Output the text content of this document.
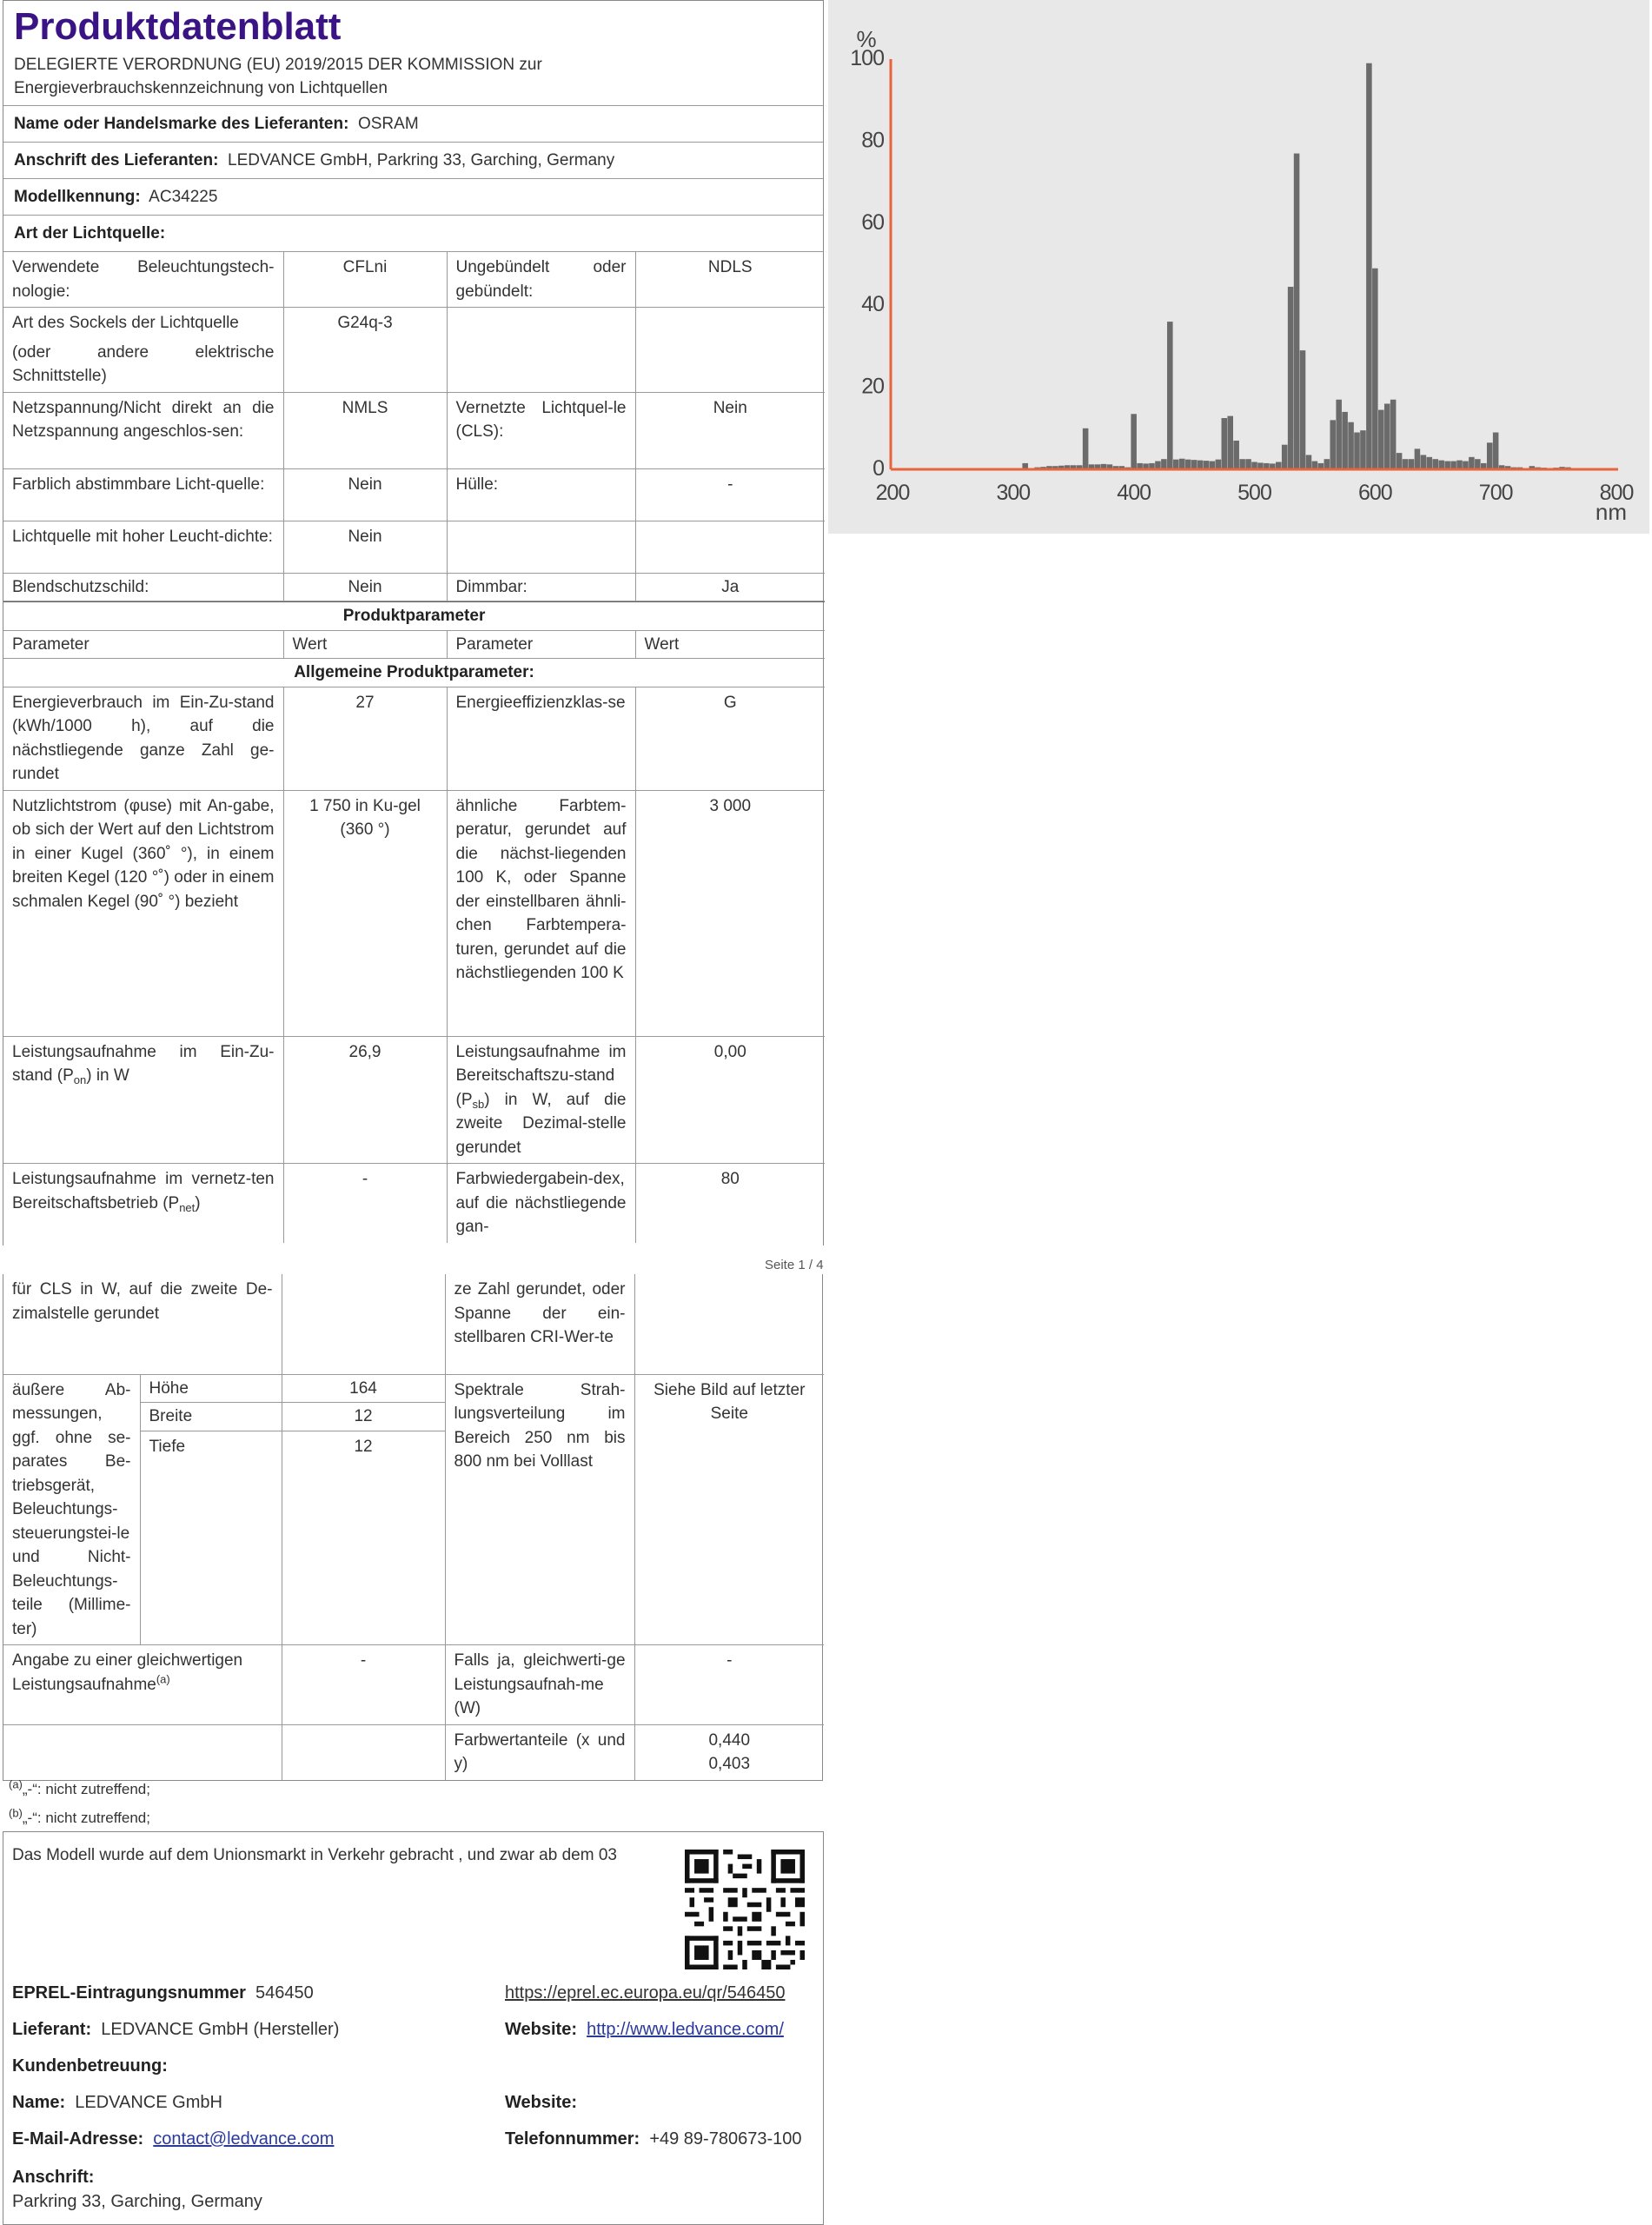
Produktdatenblatt
DELEGIERTE VERORDNUNG (EU) 2019/2015 DER KOMMISSION zur
Energieverbrauchskennzeichnung von Lichtquellen
Name oder Handelsmarke des Lieferanten: OSRAM
Anschrift des Lieferanten: LEDVANCE GmbH, Parkring 33, Garching, Germany
Modellkennung: AC34225
Art der Lichtquelle:
Verwendete Beleuchtungstech-nologie:	CFLni	Ungebündelt oder gebündelt:	NDLS

Art des Sockels der Lichtquelle
(oder andere elektrische Schnittstelle)	G24q-3		
Netzspannung/Nicht direkt an die Netzspannung angeschlos-sen:	NMLS	Vernetzte Lichtquel-le (CLS):	Nein
Farblich abstimmbare Licht-quelle:	Nein	Hülle:	-
Lichtquelle mit hoher Leucht-dichte:	Nein		
Blendschutzschild:	Nein	Dimmbar:	Ja
Produktparameter			
Parameter	Wert	Parameter	Wert
Allgemeine Produktparameter:			
Energieverbrauch im Ein-Zu-stand (kWh/1000 h), auf die nächstliegende ganze Zahl ge-rundet	27	Energieeffizienzklas-se	G
Nutzlichtstrom (φuse) mit An-gabe, ob sich der Wert auf den Lichtstrom in einer Kugel (360˚ °), in einem breiten Kegel (120 °˚) oder in einem schmalen Kegel (90˚ °) bezieht	1 750 in Ku-gel (360 °)	ähnliche Farbtem-peratur, gerundet auf die nächst-liegenden 100 K, oder Spanne der einstellbaren ähnli-chen Farbtempera-turen, gerundet auf die nächstliegenden 100 K	3 000
Leistungsaufnahme im Ein-Zu-stand $(P_{on})$ in W	26,9	Leistungsaufnahme im Bereitschaftszu-stand $(P_{sb})$ in W, auf die zweite Dezimal-stelle gerundet	0,00
Leistungsaufnahme im vernetz-ten Bereitschaftsbetrieb $(P_{net})$	-	Farbwiedergabein-dex, auf die nächstliegende gan-	80
Seite 1 / 4
für CLS in W, auf die zweite De-zimalstelle gerundet			ze Zahl gerundet, oder Spanne der ein-stellbaren CRI-Wer-te	
äußere Ab-messungen, ggf. ohne se-parates Be-triebsgerät, Beleuchtungs-steuerungstei-le und Nicht-Beleuchtungs-teile (Millime-ter)	Höhe	164	Spektrale Strah-lungsverteilung im Bereich 250 nm bis 800 nm bei Volllast	Siehe Bild auf letzter Seite
	Breite	12		
	Tiefe	12		
Angabe zu einer gleichwertigen Leistungsaufnahme$^{(a)}$		-	Falls ja, gleichwerti-ge Leistungsaufnah-me (W)	-
			Farbwertanteile (x und y)	0,440
0,403
$^{(a)}$„-“: nicht zutreffend;
$^{(b)}$„-“: nicht zutreffend;
Das Modell wurde auf dem Unionsmarkt in Verkehr gebracht , und zwar ab dem 03
EPREL-Eintragungsnummer 546450	https://eprel.ec.europa.eu/qr/546450
Lieferant: LEDVANCE GmbH (Hersteller)	Website: http://www.ledvance.com/
Kundenbetreuung:
Name: LEDVANCE GmbH	Website:
E-Mail-Adresse: contact@ledvance.com	Telefonnummer: +49 89-780673-100
Anschrift:
Parkring 33, Garching, Germany
200	300	400	500	600	700	800
0
20
40
60
80
100
%
nm
